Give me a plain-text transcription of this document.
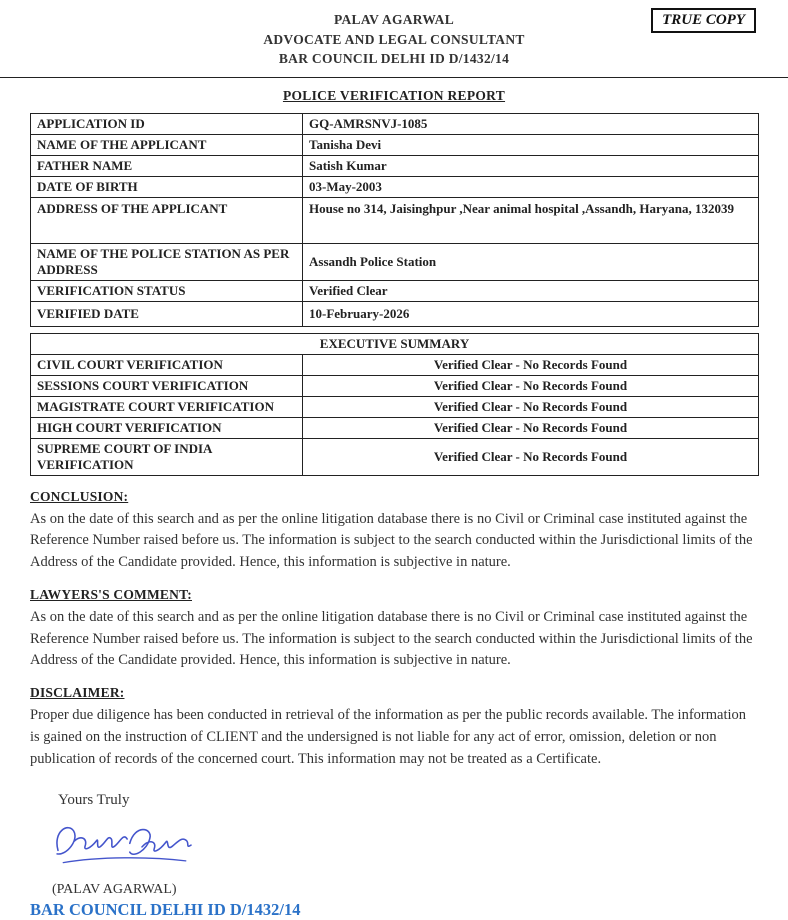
TRUE COPY
PALAV AGARWAL
ADVOCATE AND LEGAL CONSULTANT
BAR COUNCIL DELHI ID D/1432/14
POLICE VERIFICATION REPORT
APPLICATION ID	GQ-AMRSNVJ-1085
NAME OF THE APPLICANT	Tanisha Devi
FATHER NAME	Satish Kumar
DATE OF BIRTH	03-May-2003
ADDRESS OF THE APPLICANT	House no 314, Jaisinghpur ,Near animal hospital ,Assandh, Haryana, 132039
NAME OF THE POLICE STATION AS PER ADDRESS	Assandh Police Station
VERIFICATION STATUS	Verified Clear
VERIFIED DATE	10-February-2026
EXECUTIVE SUMMARY	
CIVIL COURT VERIFICATION	Verified Clear - No Records Found
SESSIONS COURT VERIFICATION	Verified Clear - No Records Found
MAGISTRATE COURT VERIFICATION	Verified Clear - No Records Found
HIGH COURT VERIFICATION	Verified Clear - No Records Found
SUPREME COURT OF INDIA VERIFICATION	Verified Clear - No Records Found
CONCLUSION:
As on the date of this search and as per the online litigation database there is no Civil or Criminal case instituted against the Reference Number raised before us. The information is subject to the search conducted within the Jurisdictional limits of the Address of the Candidate provided. Hence, this information is subjective in nature.
LAWYERS'S COMMENT:
As on the date of this search and as per the online litigation database there is no Civil or Criminal case instituted against the Reference Number raised before us. The information is subject to the search conducted within the Jurisdictional limits of the Address of the Candidate provided. Hence, this information is subjective in nature.
DISCLAIMER:
Proper due diligence has been conducted in retrieval of the information as per the public records available. The information is gained on the instruction of CLIENT and the undersigned is not liable for any act of error, omission, deletion or non publication of records of the concerned court. This information may not be treated as a Certificate.
Yours Truly
(PALAV AGARWAL)
BAR COUNCIL DELHI ID D/1432/14
